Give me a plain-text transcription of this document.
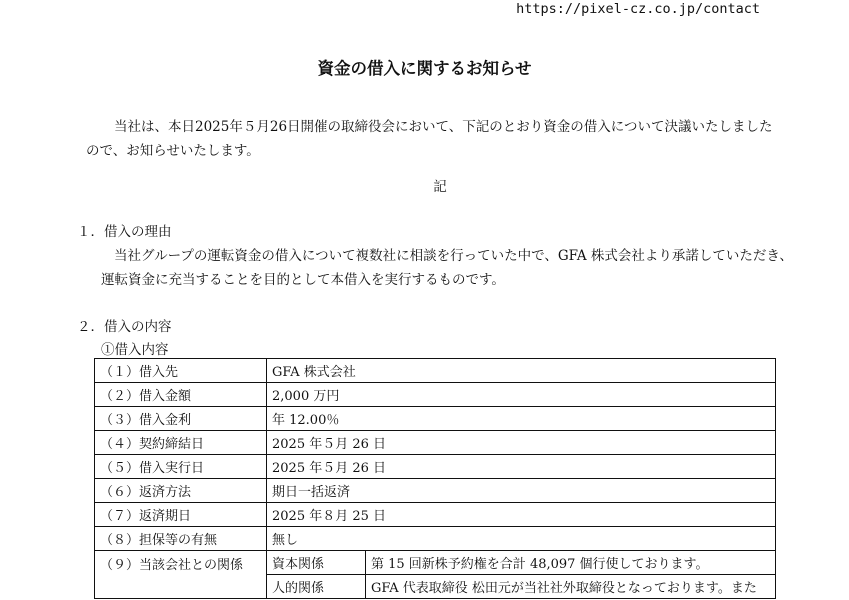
https://pixel-cz.co.jp/contact
資金の借入に関するお知らせ
当社は、本日2025年５月26日開催の取締役会において、下記のとおり資金の借入について決議いたしました
ので、お知らせいたします。
記
１．借入の理由
当社グループの運転資金の借入について複数社に相談を行っていた中で、GFA 株式会社より承諾していただき、
運転資金に充当することを目的として本借入を実行するものです。
２．借入の内容
①借入内容
（１）借入先	GFA 株式会社	
（２）借入金額	2,000 万円	
（３）借入金利	年 12.00％	
（４）契約締結日	2025 年５月 26 日	
（５）借入実行日	2025 年５月 26 日	
（６）返済方法	期日一括返済	
（７）返済期日	2025 年８月 25 日	
（８）担保等の有無	無し	
（９）当該会社との関係	資本関係	第 15 回新株予約権を合計 48,097 個行使しております。
	人的関係	GFA 代表取締役 松田元が当社社外取締役となっております。また
